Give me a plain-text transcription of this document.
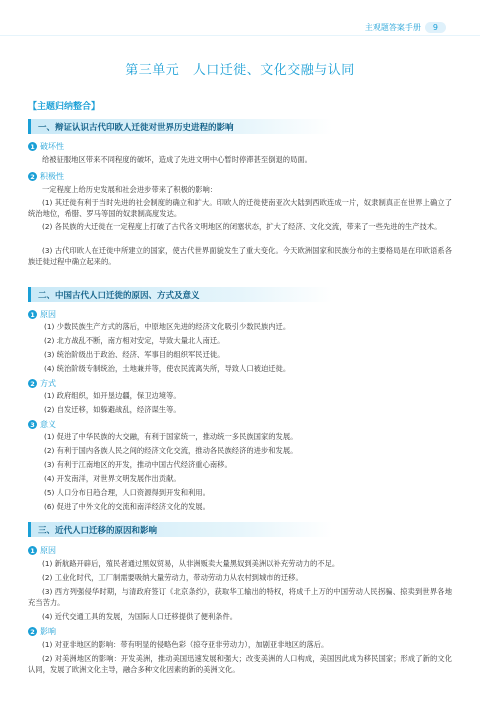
主观题答案手册	9
第三单元　人口迁徙、文化交融与认同
【主题归纳整合】
一、辩证认识古代印欧人迁徙对世界历史进程的影响
1 破坏性
给被征服地区带来不同程度的破坏，造成了先进文明中心暂时停滞甚至倒退的局面。
2 积极性
一定程度上给历史发展和社会进步带来了积极的影响：
(1) 其迁徙有利于当时先进的社会制度的确立和扩大。印欧人的迁徙使南亚次大陆到西欧连成一片，奴隶制真正在世界上确立了统治地位，希腊、罗马等国的奴隶制高度发达。
(2) 各民族的大迁徙在一定程度上打破了古代各文明地区的闭塞状态，扩大了经济、文化交流，带来了一些先进的生产技术。
(3) 古代印欧人在迁徙中所建立的国家，使古代世界面貌发生了重大变化。今天欧洲国家和民族分布的主要格局是在印欧语系各族迁徙过程中确立起来的。
二、中国古代人口迁徙的原因、方式及意义
1 原因
(1) 少数民族生产方式的落后，中原地区先进的经济文化吸引少数民族内迁。
(2) 北方战乱不断，南方相对安定，导致大量北人南迁。
(3) 统治阶级出于政治、经济、军事目的组织军民迁徙。
(4) 统治阶级专制统治，土地兼并等，使农民流离失所，导致人口被迫迁徙。
2 方式
(1) 政府组织，如开垦边疆，保卫边境等。
(2) 自发迁移，如躲避战乱，经济谋生等。
3 意义
(1) 促进了中华民族的大交融，有利于国家统一，推动统一多民族国家的发展。
(2) 有利于国内各族人民之间的经济文化交流，推动各民族经济的进步和发展。
(3) 有利于江南地区的开发，推动中国古代经济重心南移。
(4) 开发南洋，对世界文明发展作出贡献。
(5) 人口分布日趋合理，人口资源得到开发和利用。
(6) 促进了中外文化的交流和南洋经济文化的发展。
三、近代人口迁移的原因和影响
1 原因
(1) 新航路开辟后，殖民者通过黑奴贸易，从非洲贩卖大量黑奴到美洲以补充劳动力的不足。
(2) 工业化时代，工厂制需要吸纳大量劳动力，带动劳动力从农村到城市的迁移。
(3) 西方列强侵华时期，与清政府签订《北京条约》，获取华工输出的特权，将成千上万的中国劳动人民拐骗、掠卖到世界各地充当苦力。
(4) 近代交通工具的发展，为国际人口迁移提供了便利条件。
2 影响
(1) 对亚非地区的影响：带有明显的侵略色彩（掠夺亚非劳动力），加剧亚非地区的落后。
(2) 对美洲地区的影响：开发美洲，推动美国迅速发展和强大；改变美洲的人口构成，美国因此成为移民国家；形成了新的文化认同，发展了欧洲文化主导，融合多种文化因素的新的美洲文化。
